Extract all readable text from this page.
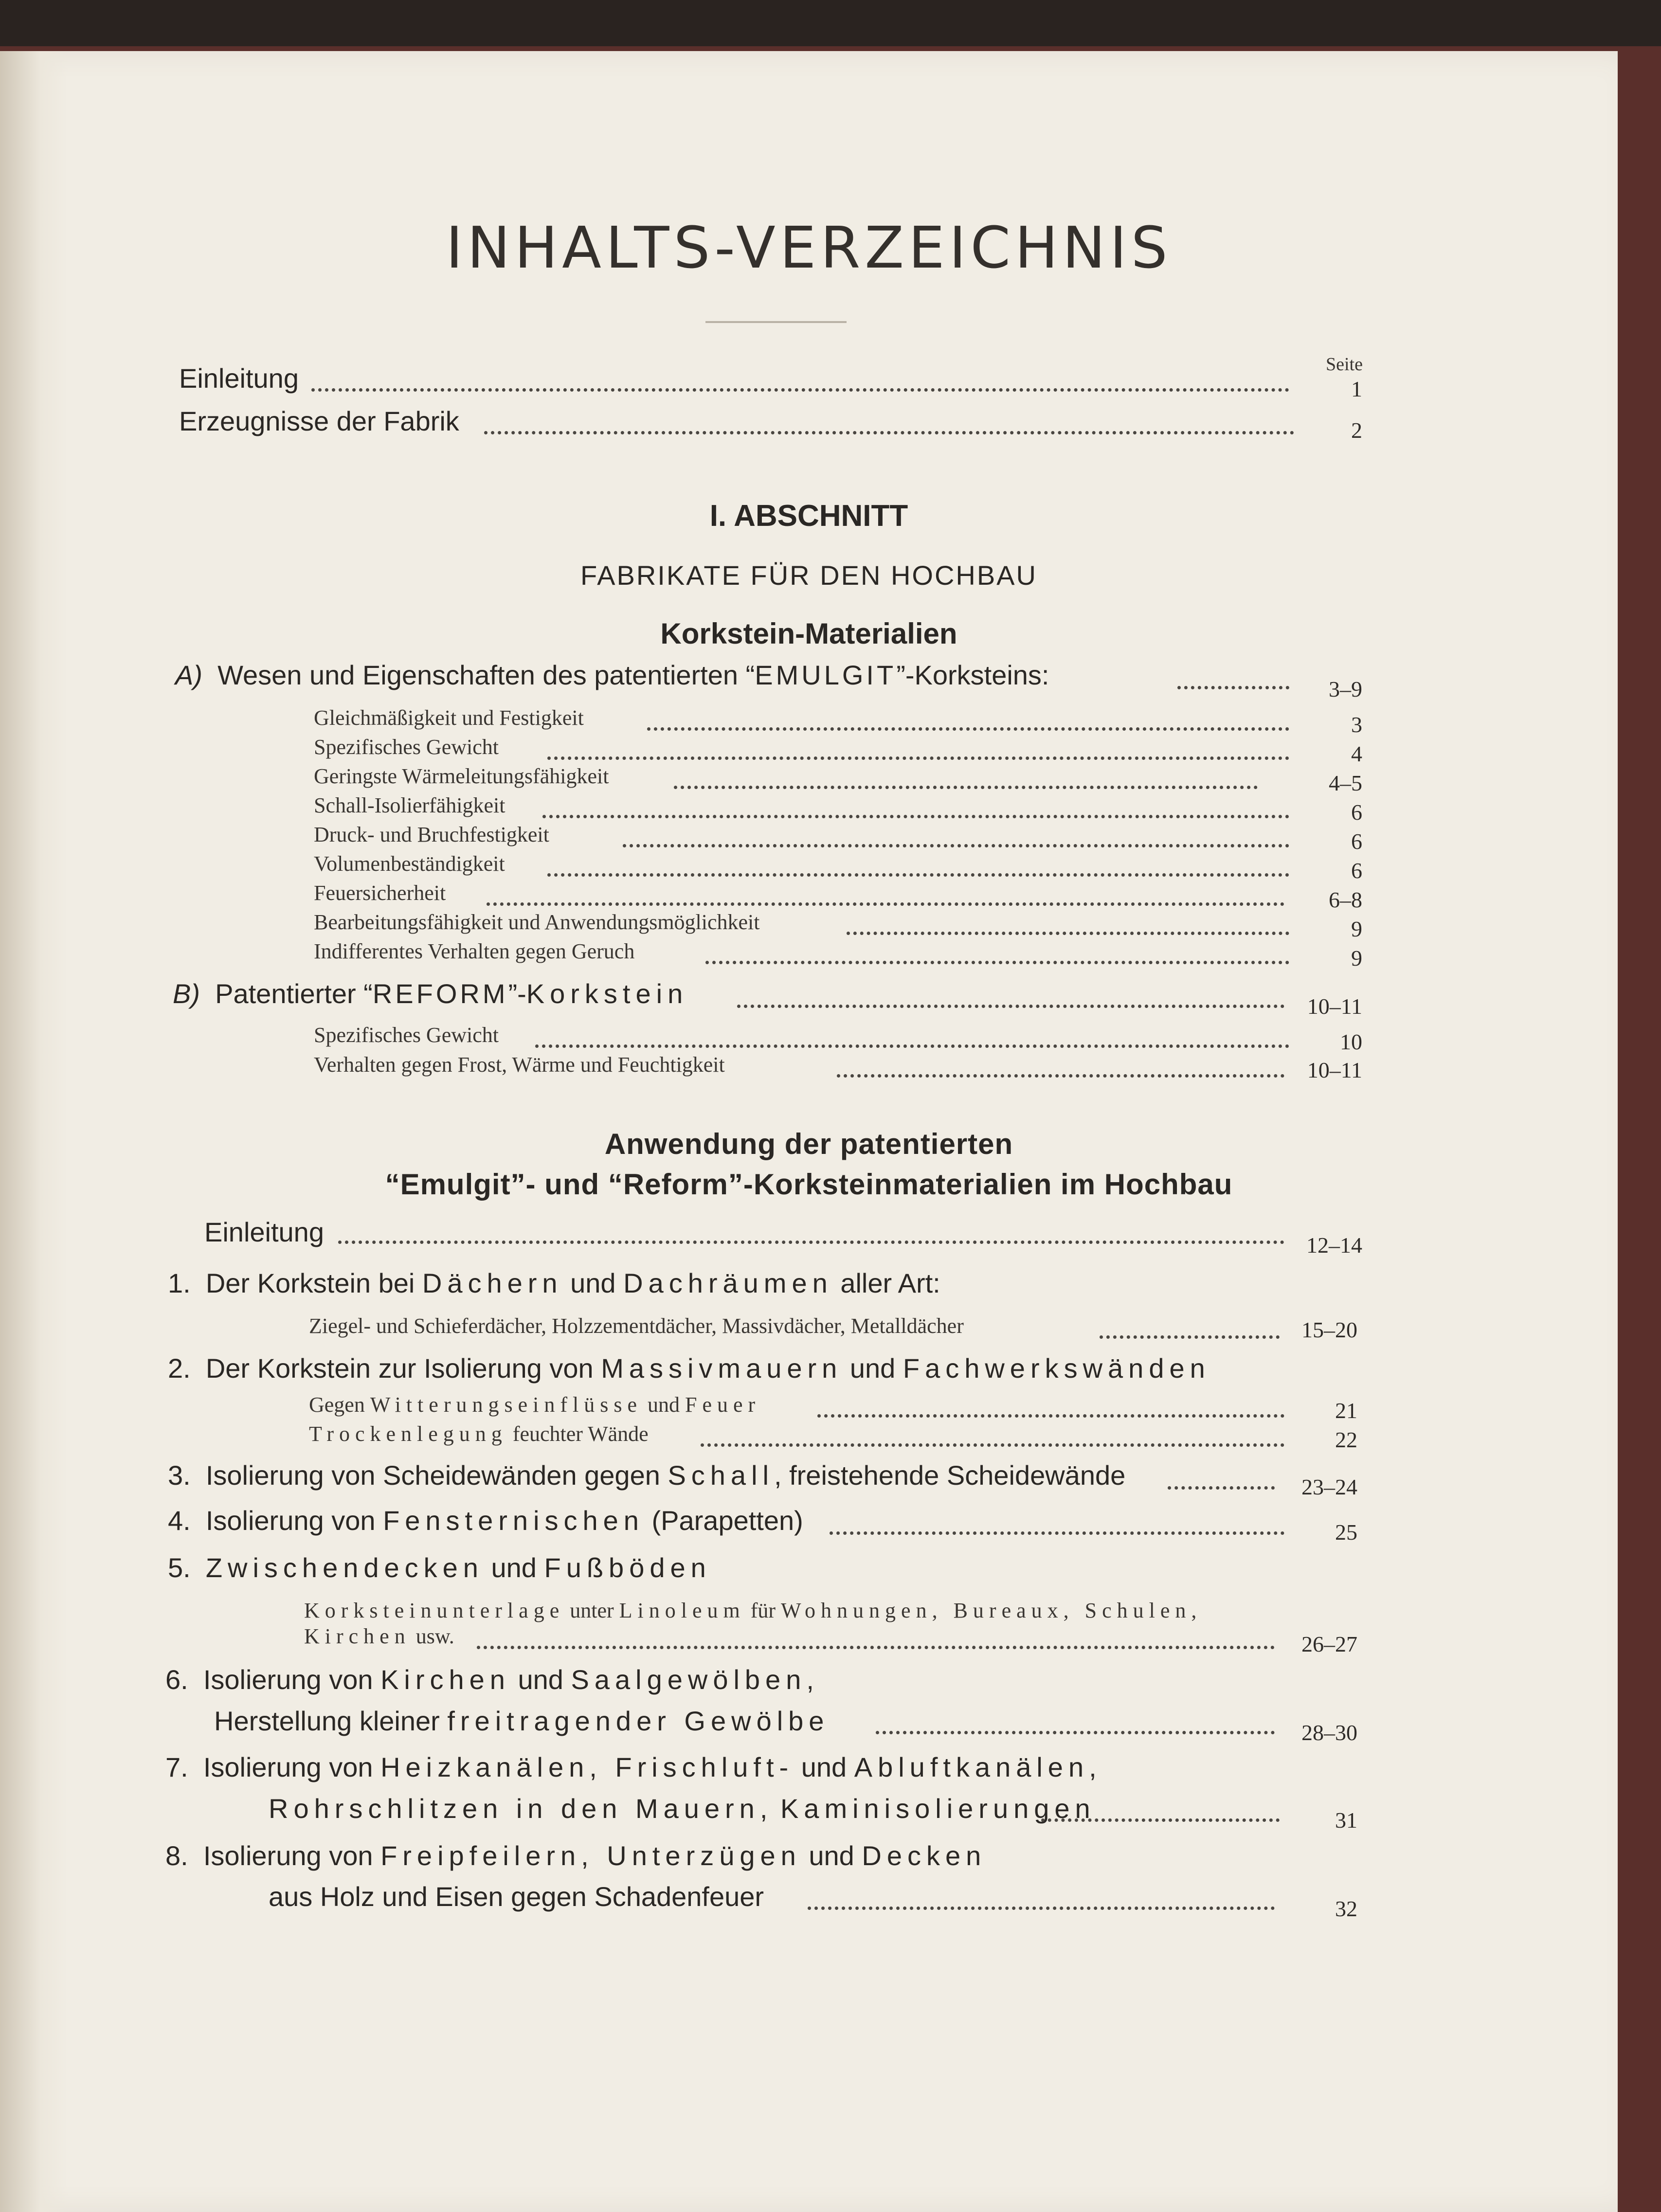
INHALTS-VERZEICHNIS
Seite
Einleitung	1
Erzeugnisse der Fabrik	2
I. ABSCHNITT
FABRIKATE FÜR DEN HOCHBAU
Korkstein-Materialien
A) Wesen und Eigenschaften des patentierten “EMULGIT”-Korksteins:	3–9
Gleichmäßigkeit und Festigkeit	3
Spezifisches Gewicht	4
Geringste Wärmeleitungsfähigkeit	4–5
Schall-Isolierfähigkeit	6
Druck- und Bruchfestigkeit	6
Volumenbeständigkeit	6
Feuersicherheit	6–8
Bearbeitungsfähigkeit und Anwendungsmöglichkeit	9
Indifferentes Verhalten gegen Geruch	9
B) Patentierter “REFORM”-Korkstein	10–11
Spezifisches Gewicht	10
Verhalten gegen Frost, Wärme und Feuchtigkeit	10–11
Anwendung der patentierten
“Emulgit”- und “Reform”-Korksteinmaterialien im Hochbau
Einleitung	12–14
1. Der Korkstein bei Dächern und Dachräumen aller Art:
Ziegel- und Schieferdächer, Holzzementdächer, Massivdächer, Metalldächer	15–20
2. Der Korkstein zur Isolierung von Massivmauern und Fachwerkswänden
Gegen Witterungseinflüsse und Feuer	21
Trockenlegung feuchter Wände	22
3. Isolierung von Scheidewänden gegen Schall, freistehende Scheidewände	23–24
4. Isolierung von Fensternischen (Parapetten)	25
5. Zwischendecken und Fußböden
Korksteinunterlage unter Linoleum für Wohnungen, Bureaux, Schulen,
Kirchen usw.	26–27
6. Isolierung von Kirchen und Saalgewölben,
Herstellung kleiner freitragender Gewölbe	28–30
7. Isolierung von Heizkanälen, Frischluft- und Abluftkanälen,
Rohrschlitzen in den Mauern, Kaminisolierungen	31
8. Isolierung von Freipfeilern, Unterzügen und Decken
aus Holz und Eisen gegen Schadenfeuer	32
